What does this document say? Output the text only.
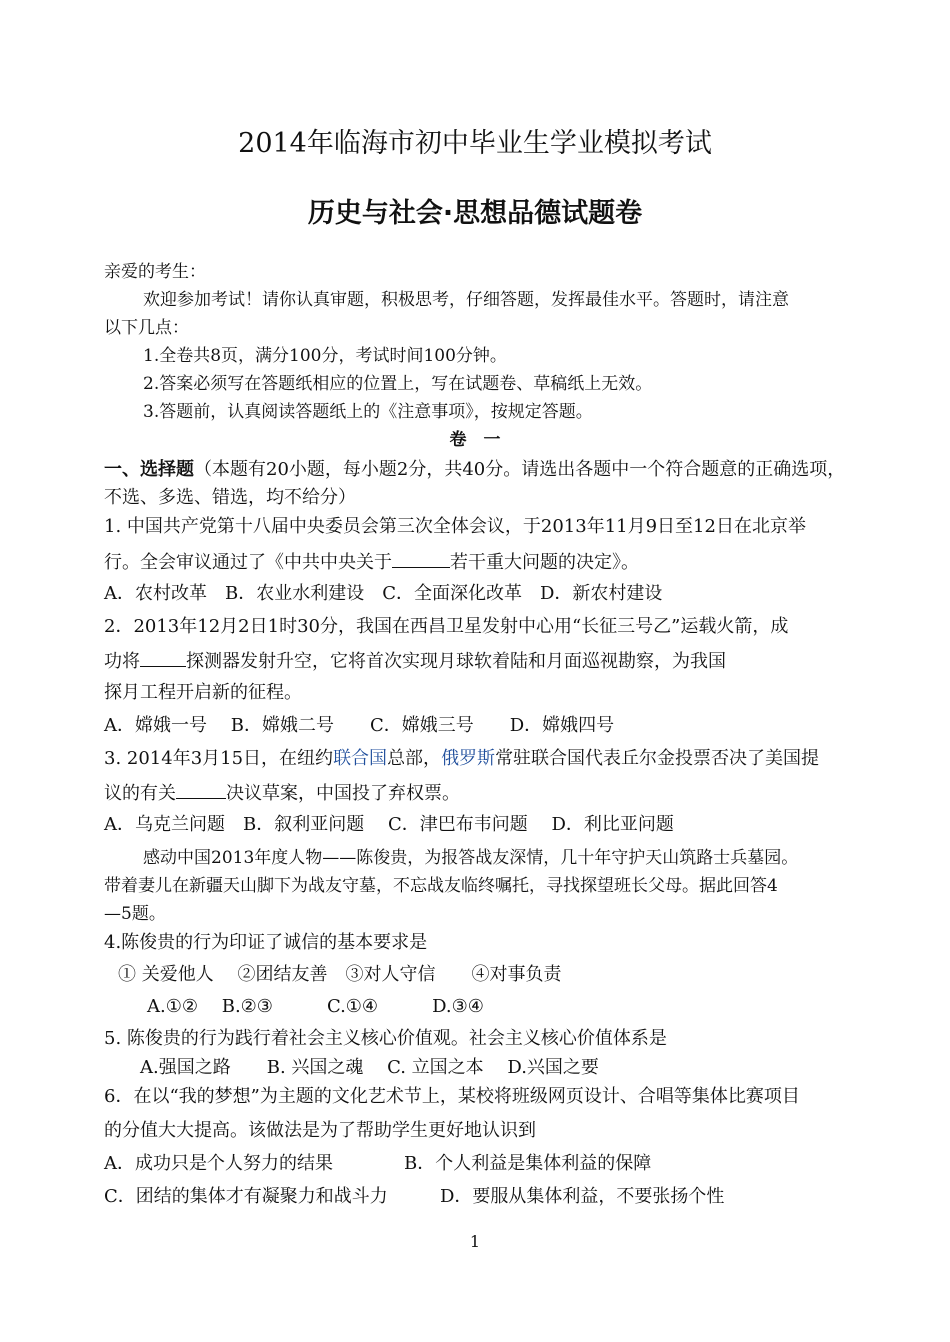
2014年临海市初中毕业生学业模拟考试
历史与社会·思想品德试题卷
亲爱的考生：
欢迎参加考试！请你认真审题，积极思考，仔细答题，发挥最佳水平。答题时，请注意
以下几点：
1.全卷共8页，满分100分，考试时间100分钟。
2.答案必须写在答题纸相应的位置上，写在试题卷、草稿纸上无效。
3.答题前，认真阅读答题纸上的《注意事项》，按规定答题。
卷　一
一、选择题（本题有20小题，每小题2分，共40分。请选出各题中一个符合题意的正确选项，
不选、多选、错选，均不给分）
1. 中国共产党第十八届中央委员会第三次全体会议，于2013年11月9日至12日在北京举
行。全会审议通过了《中共中央关于	若干重大问题的决定》。
A．农村改革　B．农业水利建设　C．全面深化改革　D．新农村建设
2．2013年12月2日1时30分，我国在西昌卫星发射中心用“长征三号乙”运载火箭，成
功将	探测器发射升空，它将首次实现月球软着陆和月面巡视勘察，为我国
探月工程开启新的征程。
A．嫦娥一号　 B．嫦娥二号　　C．嫦娥三号　　D．嫦娥四号
3. 2014年3月15日，在纽约联合国总部，俄罗斯常驻联合国代表丘尔金投票否决了美国提
议的有关	决议草案，中国投了弃权票。
A．乌克兰问题　B．叙利亚问题　 C．津巴布韦问题　 D．利比亚问题
感动中国2013年度人物——陈俊贵，为报答战友深情，几十年守护天山筑路士兵墓园。
带着妻儿在新疆天山脚下为战友守墓，不忘战友临终嘱托，寻找探望班长父母。据此回答4
—5题。
4.陈俊贵的行为印证了诚信的基本要求是
① 关爱他人　 ②团结友善　③对人守信　　④对事负责
A.①②　 B.②③　　　C.①④　　　D.③④
5. 陈俊贵的行为践行着社会主义核心价值观。社会主义核心价值体系是
A.强国之路　　B. 兴国之魂　 C. 立国之本　 D.兴国之要
6．在以“我的梦想”为主题的文化艺术节上，某校将班级网页设计、合唱等集体比赛项目
的分值大大提高。该做法是为了帮助学生更好地认识到
A．成功只是个人努力的结果	B．个人利益是集体利益的保障
C．团结的集体才有凝聚力和战斗力	D．要服从集体利益，不要张扬个性
1
